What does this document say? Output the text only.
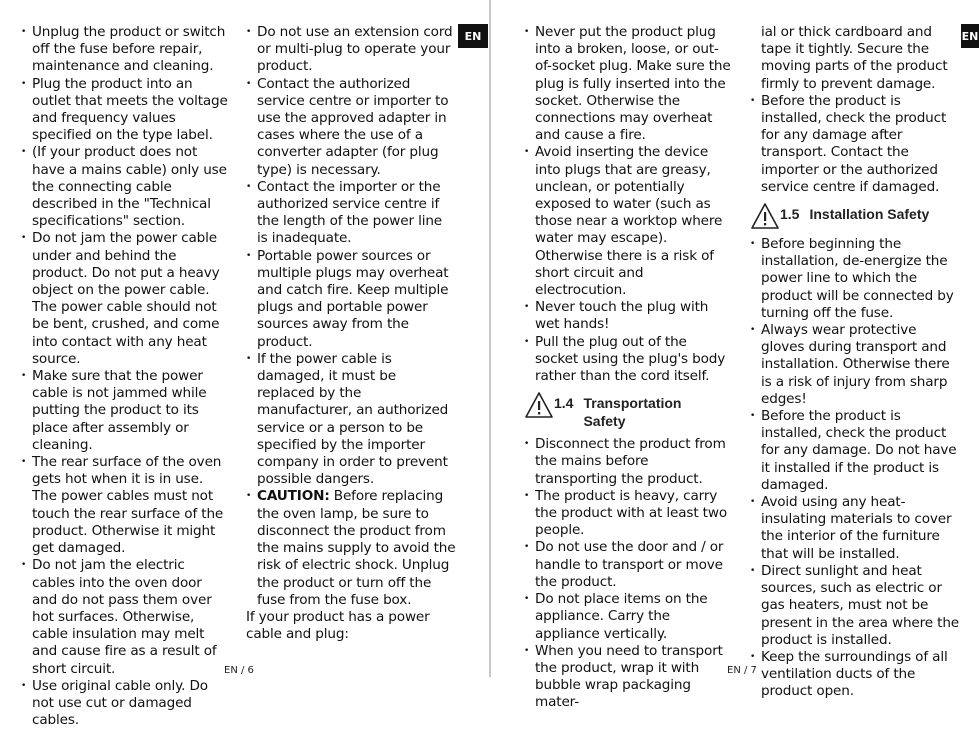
• Unplug the product or switch off the fuse before repair, maintenance and cleaning.
• Plug the product into an outlet that meets the voltage and frequency values specified on the type label.
• (If your product does not have a mains cable) only use the connecting cable described in the "Technical specifications" section.
• Do not jam the power cable under and behind the product. Do not put a heavy object on the power cable. The power cable should not be bent, crushed, and come into contact with any heat source.
• Make sure that the power cable is not jammed while putting the product to its place after assembly or cleaning.
• The rear surface of the oven gets hot when it is in use. The power cables must not touch the rear surface of the product. Otherwise it might get damaged.
• Do not jam the electric cables into the oven door and do not pass them over hot surfaces. Otherwise, cable insulation may melt and cause fire as a result of short circuit.
• Use original cable only. Do not use cut or damaged cables.
• Do not use an extension cord or multi-plug to operate your product.
• Contact the authorized service centre or importer to use the approved adapter in cases where the use of a converter adapter (for plug type) is necessary.
• Contact the importer or the authorized service centre if the length of the power line is inadequate.
• Portable power sources or multiple plugs may overheat and catch fire. Keep multiple plugs and portable power sources away from the product.
• If the power cable is damaged, it must be replaced by the manufacturer, an authorized service or a person to be specified by the importer company in order to prevent possible dangers.
• CAUTION: Before replacing the oven lamp, be sure to disconnect the product from the mains supply to avoid the risk of electric shock. Unplug the product or turn off the fuse from the fuse box.
If your product has a power cable and plug:
EN
EN / 6
• Never put the product plug into a broken, loose, or out-of-socket plug. Make sure the plug is fully inserted into the socket. Otherwise the connections may overheat and cause a fire.
• Avoid inserting the device into plugs that are greasy, unclean, or potentially exposed to water (such as those near a worktop where water may escape). Otherwise there is a risk of short circuit and electrocution.
• Never touch the plug with wet hands!
• Pull the plug out of the socket using the plug's body rather than the cord itself.
1.4 Transportation Safety
• Disconnect the product from the mains before transporting the product.
• The product is heavy, carry the product with at least two people.
• Do not use the door and / or handle to transport or move the product.
• Do not place items on the appliance. Carry the appliance vertically.
• When you need to transport the product, wrap it with bubble wrap packaging mater-
ial or thick cardboard and tape it tightly. Secure the moving parts of the product firmly to prevent damage.
• Before the product is installed, check the product for any damage after transport. Contact the importer or the authorized service centre if damaged.
1.5 Installation Safety
• Before beginning the installation, de-energize the power line to which the product will be connected by turning off the fuse.
• Always wear protective gloves during transport and installation. Otherwise there is a risk of injury from sharp edges!
• Before the product is installed, check the product for any damage. Do not have it installed if the product is damaged.
• Avoid using any heat-insulating materials to cover the interior of the furniture that will be installed.
• Direct sunlight and heat sources, such as electric or gas heaters, must not be present in the area where the product is installed.
• Keep the surroundings of all ventilation ducts of the product open.
EN
EN / 7
